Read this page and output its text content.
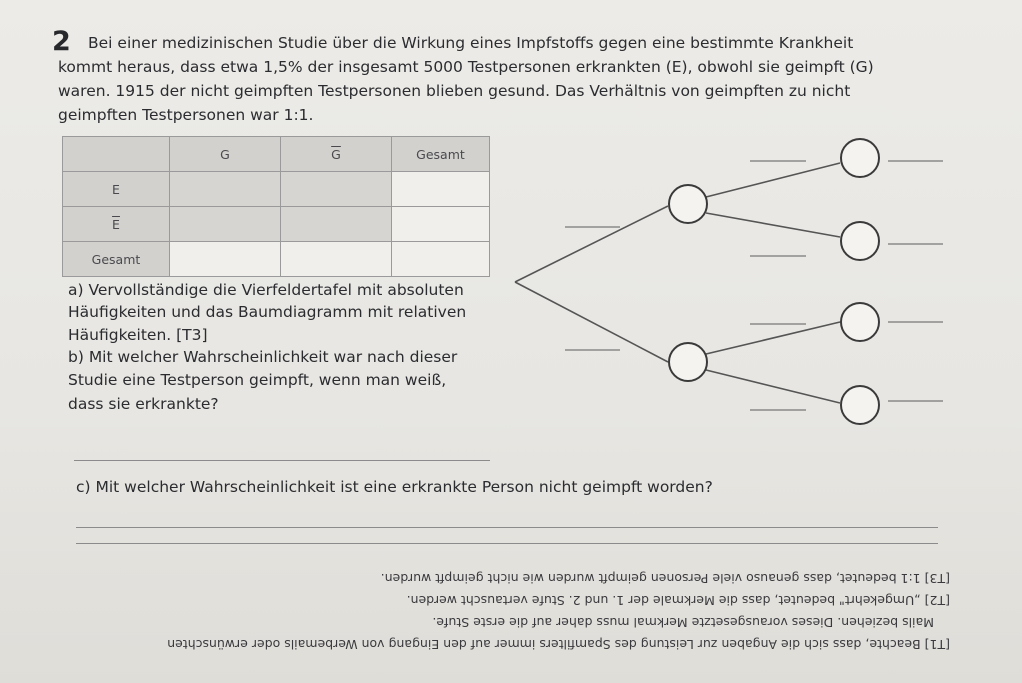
2 Bei einer medizinischen Studie über die Wirkung eines Impfstoffs gegen eine bestimmte Krankheit
kommt heraus, dass etwa 1,5% der insgesamt 5000 Testpersonen erkrankten (E), obwohl sie geimpft (G)
waren. 1915 der nicht geimpften Testpersonen blieben gesund. Das Verhältnis von geimpften zu nicht
geimpften Testpersonen war 1:1.
	G	$\overline{G}$	Gesamt
E			
$\overline{E}$			
Gesamt			
a) Vervollständige die Vierfeldertafel mit absoluten
Häufigkeiten und das Baumdiagramm mit relativen
Häufigkeiten. [T3]
b) Mit welcher Wahrscheinlichkeit war nach dieser
Studie eine Testperson geimpft, wenn man weiß,
dass sie erkrankte?
c) Mit welcher Wahrscheinlichkeit ist eine erkrankte Person nicht geimpft worden?
[T1] Beachte, dass sich die Angaben zur Leistung des Spamfilters immer auf den Eingang von Werbemails oder erwünschten
Mails beziehen. Dieses vorausgesetzte Merkmal muss daher auf die erste Stufe.
[T2] „Umgekehrt" bedeutet, dass die Merkmale der 1. und 2. Stufe vertauscht werden.
[T3] 1:1 bedeutet, dass genauso viele Personen geimpft wurden wie nicht geimpft wurden.
